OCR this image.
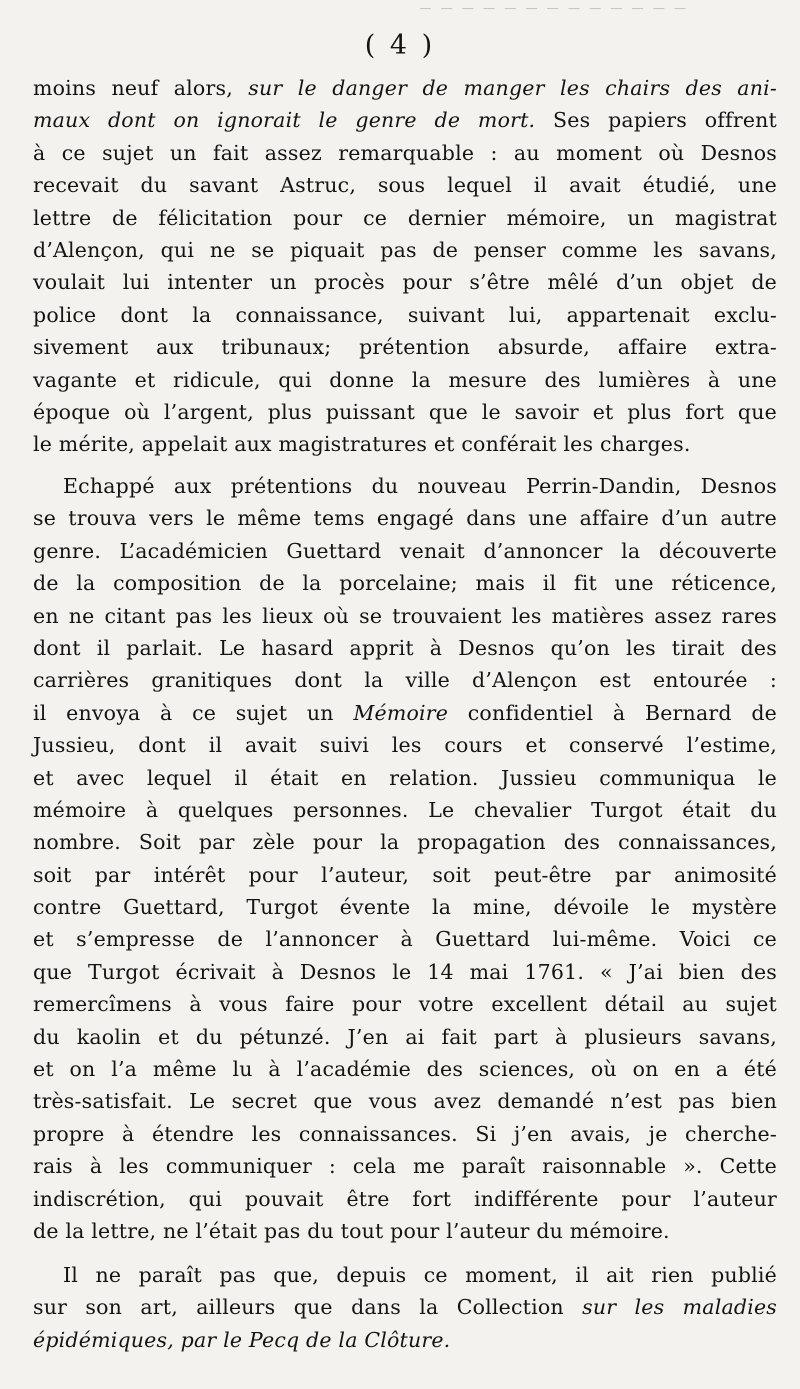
▔ ▔ ▔ ▔ ▔ ▔ ▔ ▔ ▔ ▔ ▔ ▔ ▔
( 4 )
moins neuf alors, sur le danger de manger les chairs des ani-
maux dont on ignorait le genre de mort. Ses papiers offrent
à ce sujet un fait assez remarquable : au moment où Desnos
recevait du savant Astruc, sous lequel il avait étudié, une
lettre de félicitation pour ce dernier mémoire, un magistrat
d’Alençon, qui ne se piquait pas de penser comme les savans,
voulait lui intenter un procès pour s’être mêlé d’un objet de
police dont la connaissance, suivant lui, appartenait exclu-
sivement aux tribunaux; prétention absurde, affaire extra-
vagante et ridicule, qui donne la mesure des lumières à une
époque où l’argent, plus puissant que le savoir et plus fort que
le mérite, appelait aux magistratures et conférait les charges.
Echappé aux prétentions du nouveau Perrin-Dandin, Desnos
se trouva vers le même tems engagé dans une affaire d’un autre
genre. L’académicien Guettard venait d’annoncer la découverte
de la composition de la porcelaine; mais il fit une réticence,
en ne citant pas les lieux où se trouvaient les matières assez rares
dont il parlait. Le hasard apprit à Desnos qu’on les tirait des
carrières granitiques dont la ville d’Alençon est entourée :
il envoya à ce sujet un Mémoire confidentiel à Bernard de
Jussieu, dont il avait suivi les cours et conservé l’estime,
et avec lequel il était en relation. Jussieu communiqua le
mémoire à quelques personnes. Le chevalier Turgot était du
nombre. Soit par zèle pour la propagation des connaissances,
soit par intérêt pour l’auteur, soit peut-être par animosité
contre Guettard, Turgot évente la mine, dévoile le mystère
et s’empresse de l’annoncer à Guettard lui-même. Voici ce
que Turgot écrivait à Desnos le 14 mai 1761. « J’ai bien des
remercîmens à vous faire pour votre excellent détail au sujet
du kaolin et du pétunzé. J’en ai fait part à plusieurs savans,
et on l’a même lu à l’académie des sciences, où on en a été
très-satisfait. Le secret que vous avez demandé n’est pas bien
propre à étendre les connaissances. Si j’en avais, je cherche-
rais à les communiquer : cela me paraît raisonnable ». Cette
indiscrétion, qui pouvait être fort indifférente pour l’auteur
de la lettre, ne l’était pas du tout pour l’auteur du mémoire.
Il ne paraît pas que, depuis ce moment, il ait rien publié
sur son art, ailleurs que dans la Collection sur les maladies
épidémiques, par le Pecq de la Clôture.
